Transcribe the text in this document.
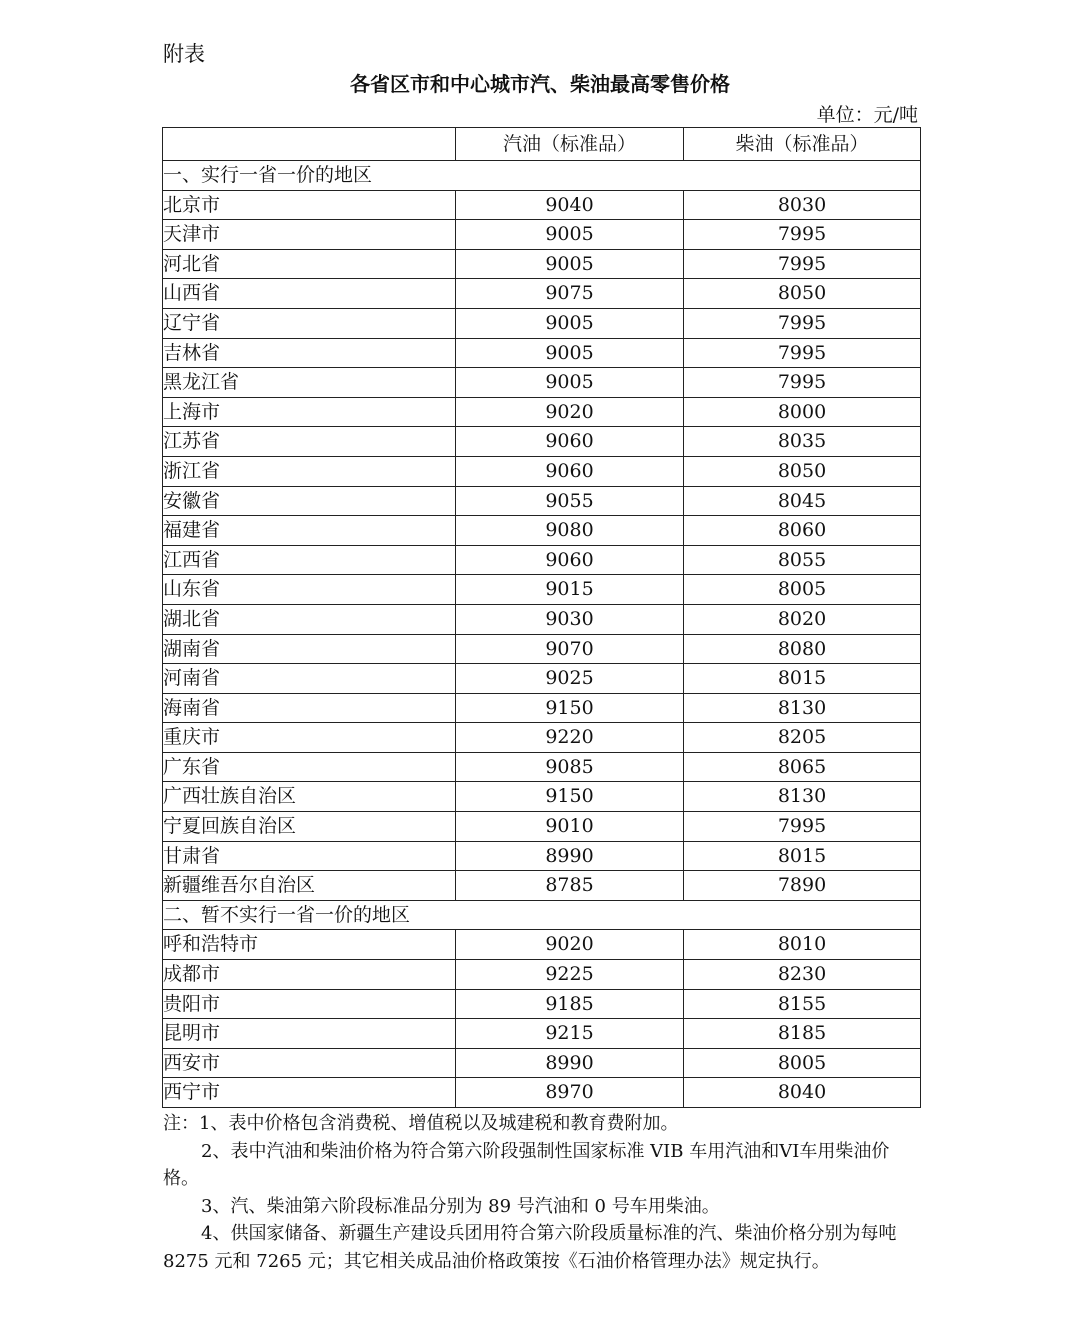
附表
各省区市和中心城市汽、柴油最高零售价格
单位：元/吨
	汽油（标准品）	柴油（标准品）
一、实行一省一价的地区		
北京市	9040	8030
天津市	9005	7995
河北省	9005	7995
山西省	9075	8050
辽宁省	9005	7995
吉林省	9005	7995
黑龙江省	9005	7995
上海市	9020	8000
江苏省	9060	8035
浙江省	9060	8050
安徽省	9055	8045
福建省	9080	8060
江西省	9060	8055
山东省	9015	8005
湖北省	9030	8020
湖南省	9070	8080
河南省	9025	8015
海南省	9150	8130
重庆市	9220	8205
广东省	9085	8065
广西壮族自治区	9150	8130
宁夏回族自治区	9010	7995
甘肃省	8990	8015
新疆维吾尔自治区	8785	7890
二、暂不实行一省一价的地区		
呼和浩特市	9020	8010
成都市	9225	8230
贵阳市	9185	8155
昆明市	9215	8185
西安市	8990	8005
西宁市	8970	8040

注：1、表中价格包含消费税、增值税以及城建税和教育费附加。

2、表中汽油和柴油价格为符合第六阶段强制性国家标准 VIB 车用汽油和VI车用柴油价格。

3、汽、柴油第六阶段标准品分别为 89 号汽油和 0 号车用柴油。

4、供国家储备、新疆生产建设兵团用符合第六阶段质量标准的汽、柴油价格分别为每吨 8275 元和 7265 元；其它相关成品油价格政策按《石油价格管理办法》规定执行。
